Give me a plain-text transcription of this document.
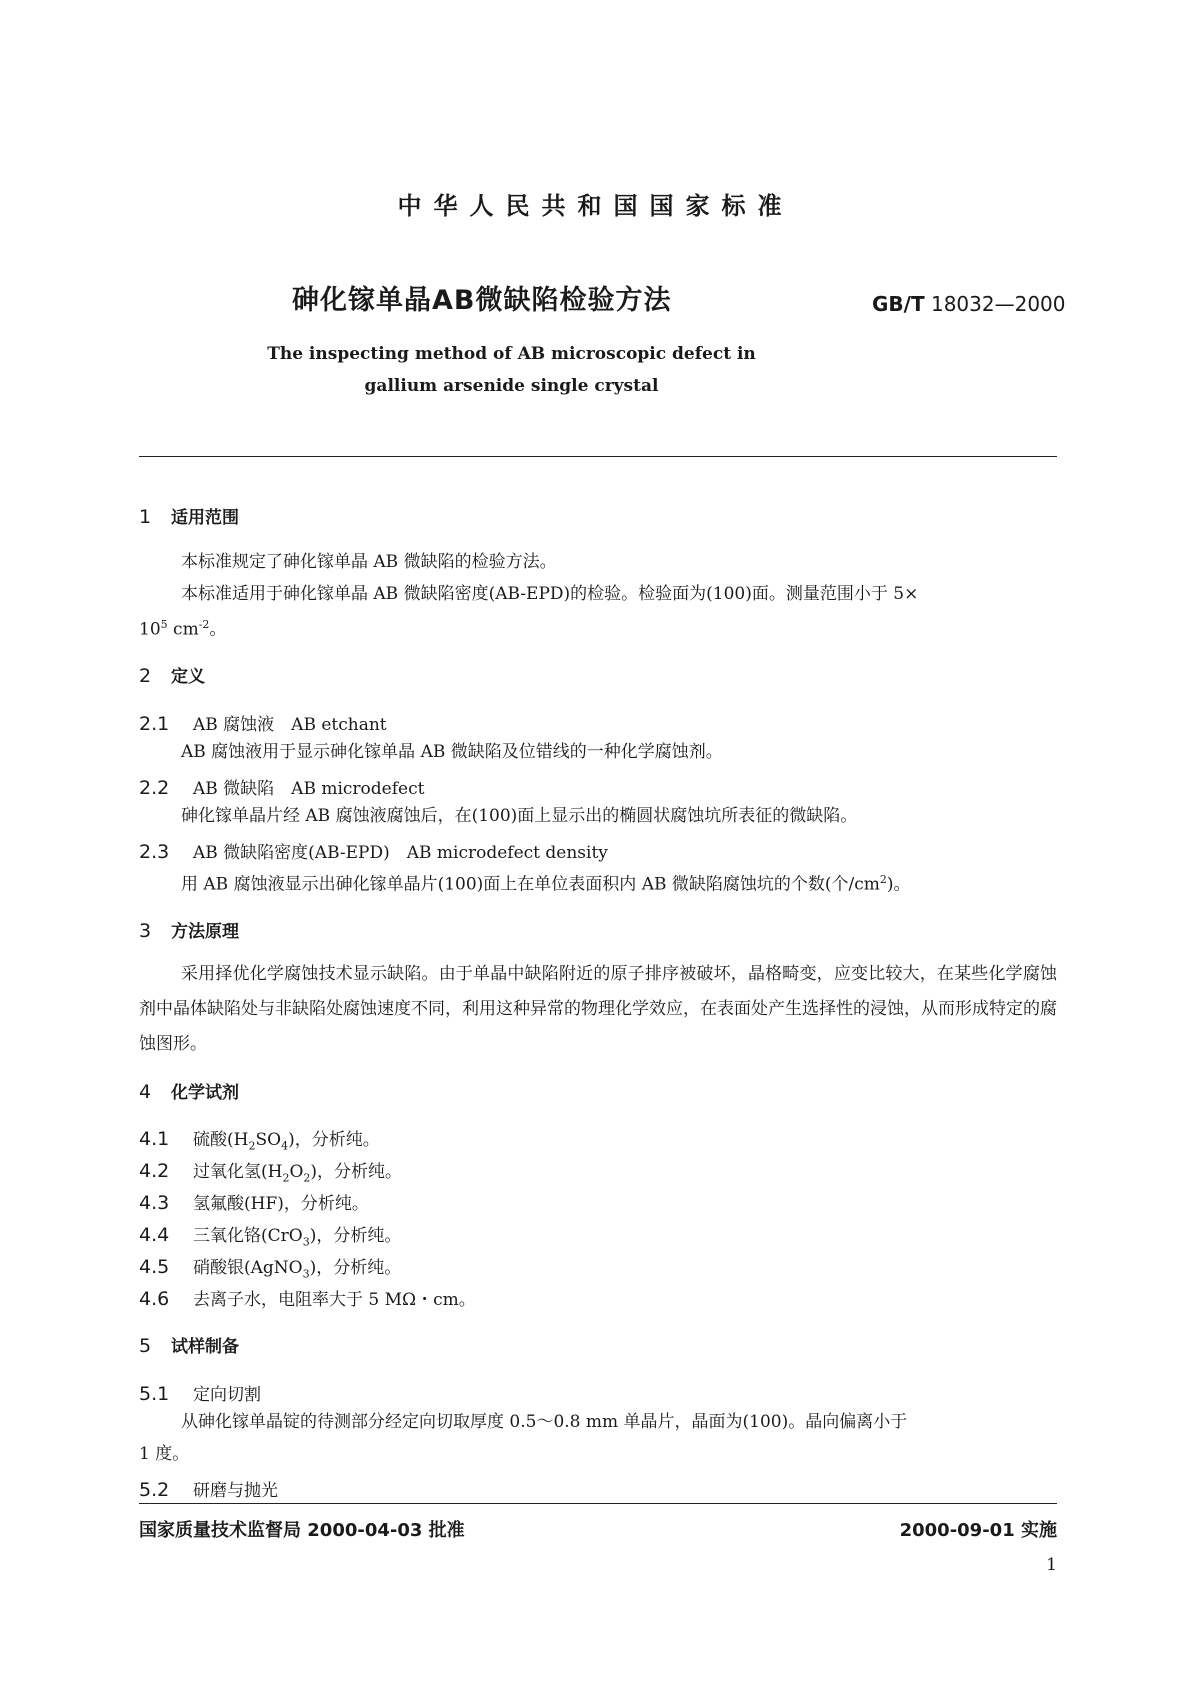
中华人民共和国国家标准
砷化镓单晶AB微缺陷检验方法	GB/T 18032—2000
The inspecting method of AB microscopic defect in
gallium arsenide single crystal
1 适用范围
本标准规定了砷化镓单晶 AB 微缺陷的检验方法。
本标准适用于砷化镓单晶 AB 微缺陷密度(AB-EPD)的检验。检验面为(100)面。测量范围小于 5×
$10^5$ $cm^{-2}$。
2 定义
2.1 AB 腐蚀液　AB etchant
AB 腐蚀液用于显示砷化镓单晶 AB 微缺陷及位错线的一种化学腐蚀剂。
2.2 AB 微缺陷　AB microdefect
砷化镓单晶片经 AB 腐蚀液腐蚀后，在(100)面上显示出的椭圆状腐蚀坑所表征的微缺陷。
2.3 AB 微缺陷密度(AB-EPD)　AB microdefect density
用 AB 腐蚀液显示出砷化镓单晶片(100)面上在单位表面积内 AB 微缺陷腐蚀坑的个数(个$/cm^2$)。
3 方法原理
采用择优化学腐蚀技术显示缺陷。由于单晶中缺陷附近的原子排序被破坏，晶格畸变，应变比较大，在某些化学腐蚀剂中晶体缺陷处与非缺陷处腐蚀速度不同，利用这种异常的物理化学效应，在表面处产生选择性的浸蚀，从而形成特定的腐蚀图形。
4 化学试剂
4.1 硫酸$(H_2SO_4)$，分析纯。
4.2 过氧化氢$(H_2O_2)$，分析纯。
4.3 氢氟酸(HF)，分析纯。
4.4 三氧化铬(CrO$_3$)，分析纯。
4.5 硝酸银(AgNO$_3$)，分析纯。
4.6 去离子水，电阻率大于 5 MΩ・cm。
5 试样制备
5.1 定向切割
从砷化镓单晶锭的待测部分经定向切取厚度 0.5～0.8 mm 单晶片，晶面为(100)。晶向偏离小于
1 度。
5.2 研磨与抛光
国家质量技术监督局 2000-04-03 批准	2000-09-01 实施
1
